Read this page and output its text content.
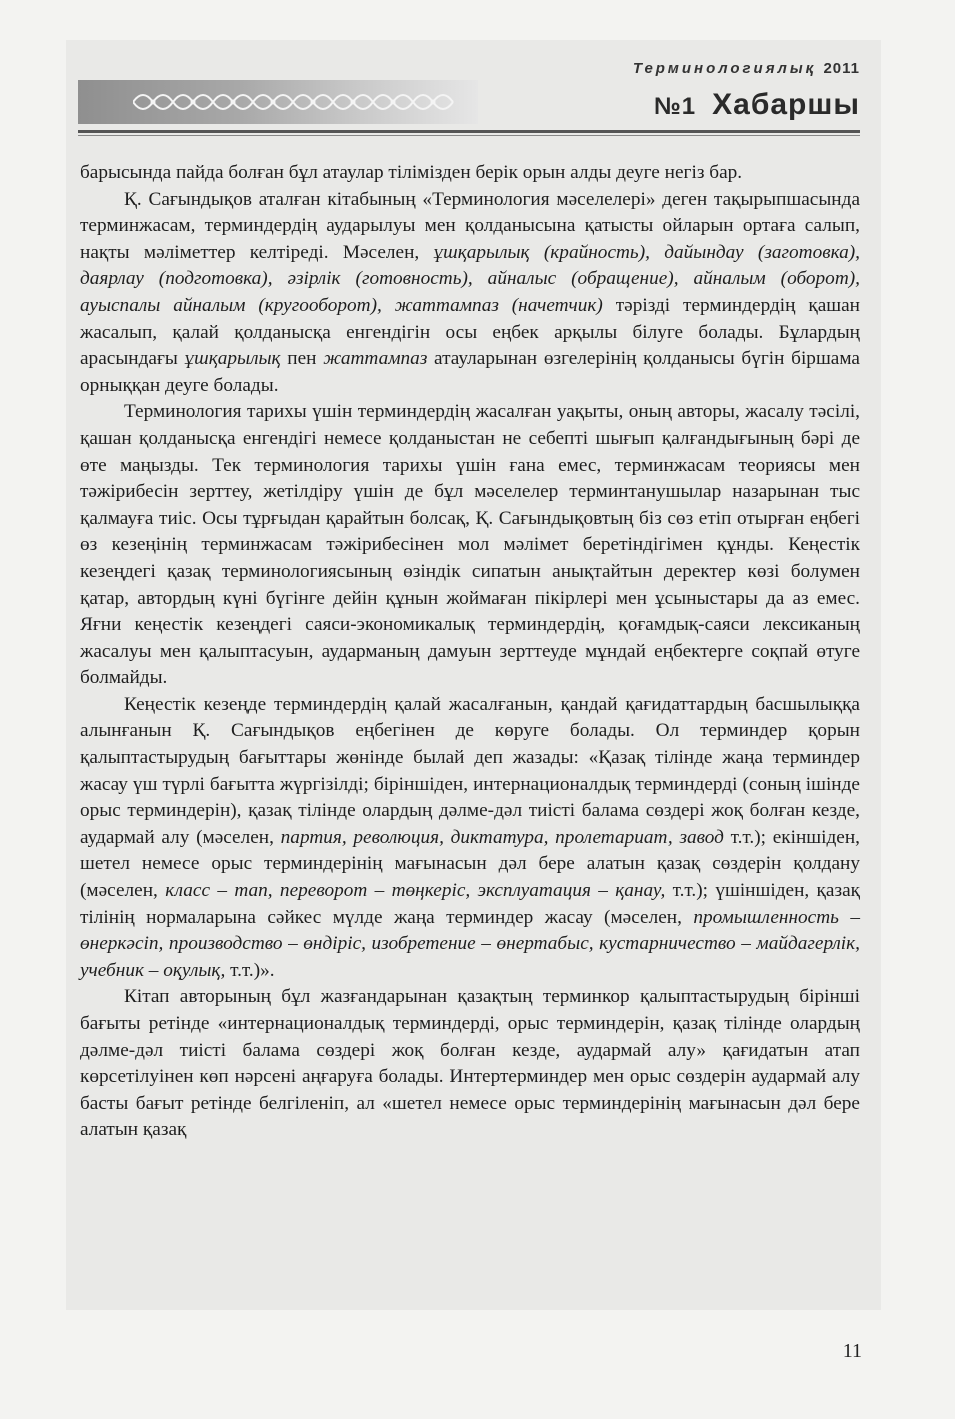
Терминологиялық 2011
№1 Хабаршы

барысында пайда болған бұл атаулар тілімізден берік орын алды деуге негіз бар.

Қ. Сағындықов аталған кітабының «Терминология мәселелері» деген тақырыпшасында терминжасам, терминдердің аударылуы мен қолданысына қатысты ойларын ортаға салып, нақты мәліметтер келтіреді. Мәселен, ұшқарылық (крайность), дайындау (заготовка), даярлау (подготовка), әзірлік (готовность), айналыс (обращение), айналым (оборот), ауыспалы айналым (кругооборот), жаттампаз (начетчик) тәрізді терминдердің қашан жасалып, қалай қолданысқа енгендігін осы еңбек арқылы білуге болады. Бұлардың арасындағы ұшқарылық пен жаттампаз атауларынан өзгелерінің қолданысы бүгін біршама орныққан деуге болады.

Терминология тарихы үшін терминдердің жасалған уақыты, оның авторы, жасалу тәсілі, қашан қолданысқа енгендігі немесе қолданыстан не себепті шығып қалғандығының бәрі де өте маңызды. Тек терминология тарихы үшін ғана емес, терминжасам теориясы мен тәжірибесін зерттеу, жетілдіру үшін де бұл мәселелер терминтанушылар назарынан тыс қалмауға тиіс. Осы тұрғыдан қарайтын болсақ, Қ. Сағындықовтың біз сөз етіп отырған еңбегі өз кезеңінің терминжасам тәжірибесінен мол мәлімет беретіндігімен құнды. Кеңестік кезеңдегі қазақ терминологиясының өзіндік сипатын анықтайтын деректер көзі болумен қатар, автордың күні бүгінге дейін құнын жоймаған пікірлері мен ұсыныстары да аз емес. Яғни кеңестік кезеңдегі саяси-экономикалық терминдердің, қоғамдық-саяси лексиканың жасалуы мен қалыптасуын, аударманың дамуын зерттеуде мұндай еңбектерге соқпай өтуге болмайды.

Кеңестік кезеңде терминдердің қалай жасалғанын, қандай қағидаттардың басшылыққа алынғанын Қ. Сағындықов еңбегінен де көруге болады. Ол терминдер қорын қалыптастырудың бағыттары жөнінде былай деп жазады: «Қазақ тілінде жаңа терминдер жасау үш түрлі бағытта жүргізілді; біріншіден, интернационалдық терминдерді (соның ішінде орыс терминдерін), қазақ тілінде олардың дәлме-дәл тиісті балама сөздері жоқ болған кезде, аудармай алу (мәселен, партия, революция, диктатура, пролетариат, завод т.т.); екіншіден, шетел немесе орыс терминдерінің мағынасын дәл бере алатын қазақ сөздерін қолдану (мәселен, класс – тап, переворот – төңкеріс, эксплуатация – қанау, т.т.); үшіншіден, қазақ тілінің нормаларына сәйкес мүлде жаңа терминдер жасау (мәселен, промышленность – өнеркәсіп, производство – өндіріс, изобретение – өнертабыс, кустарничество – майдагерлік, учебник – оқулық, т.т.)».

Кітап авторының бұл жазғандарынан қазақтың терминкор қалыптастырудың бірінші бағыты ретінде «интернационалдық терминдерді, орыс терминдерін, қазақ тілінде олардың дәлме-дәл тиісті балама сөздері жоқ болған кезде, аудармай алу» қағидатын атап көрсетілуінен көп нәрсені аңғаруға болады. Интертерминдер мен орыс сөздерін аудармай алу басты бағыт ретінде белгіленіп, ал «шетел немесе орыс терминдерінің мағынасын дәл бере алатын қазақ

11
